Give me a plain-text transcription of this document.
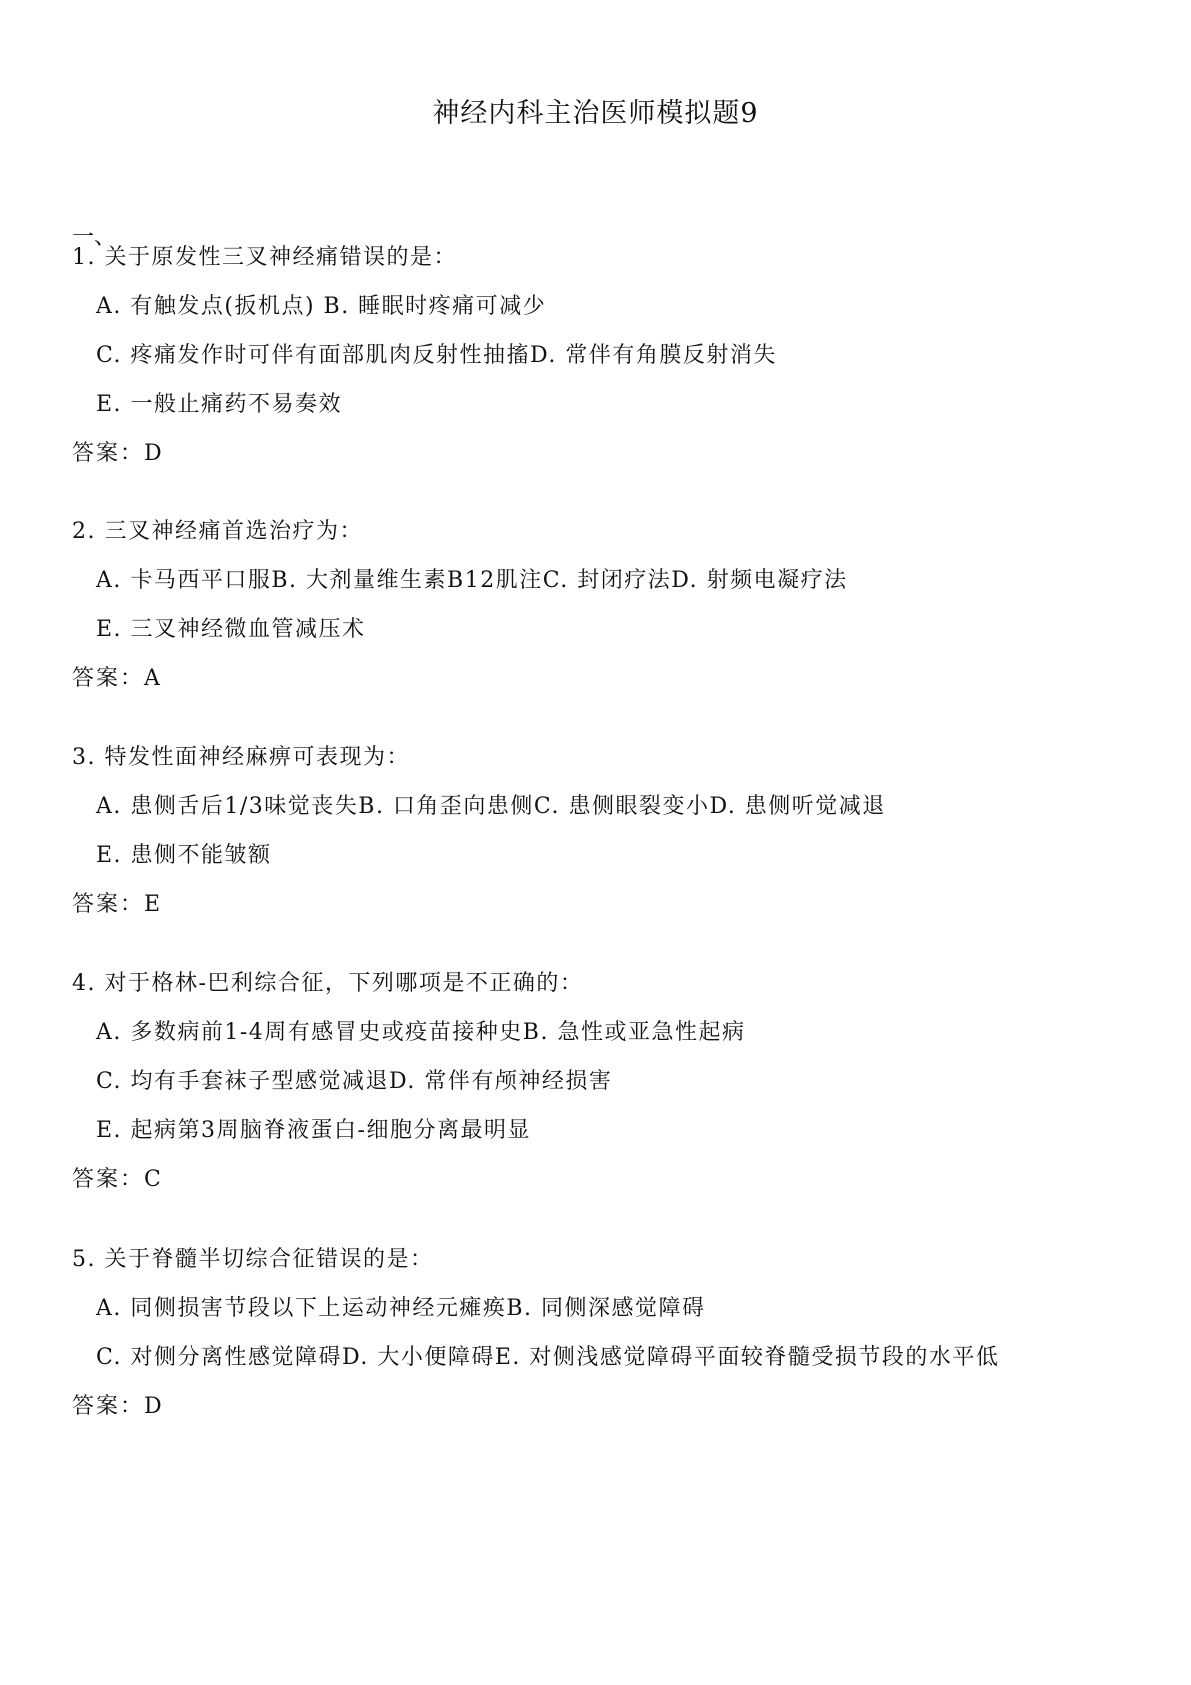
神经内科主治医师模拟题9
一、
1. 关于原发性三叉神经痛错误的是：
A. 有触发点(扳机点) B. 睡眠时疼痛可减少
C. 疼痛发作时可伴有面部肌肉反射性抽搐D. 常伴有角膜反射消失
E. 一般止痛药不易奏效
答案：D
2. 三叉神经痛首选治疗为：
A. 卡马西平口服B. 大剂量维生素B12肌注C. 封闭疗法D. 射频电凝疗法
E. 三叉神经微血管减压术
答案：A
3. 特发性面神经麻痹可表现为：
A. 患侧舌后1/3味觉丧失B. 口角歪向患侧C. 患侧眼裂变小D. 患侧听觉减退
E. 患侧不能皱额
答案：E
4. 对于格林-巴利综合征，下列哪项是不正确的：
A. 多数病前1-4周有感冒史或疫苗接种史B. 急性或亚急性起病
C. 均有手套袜子型感觉减退D. 常伴有颅神经损害
E. 起病第3周脑脊液蛋白-细胞分离最明显
答案：C
5. 关于脊髓半切综合征错误的是：
A. 同侧损害节段以下上运动神经元瘫痪B. 同侧深感觉障碍
C. 对侧分离性感觉障碍D. 大小便障碍E. 对侧浅感觉障碍平面较脊髓受损节段的水平低
答案：D
